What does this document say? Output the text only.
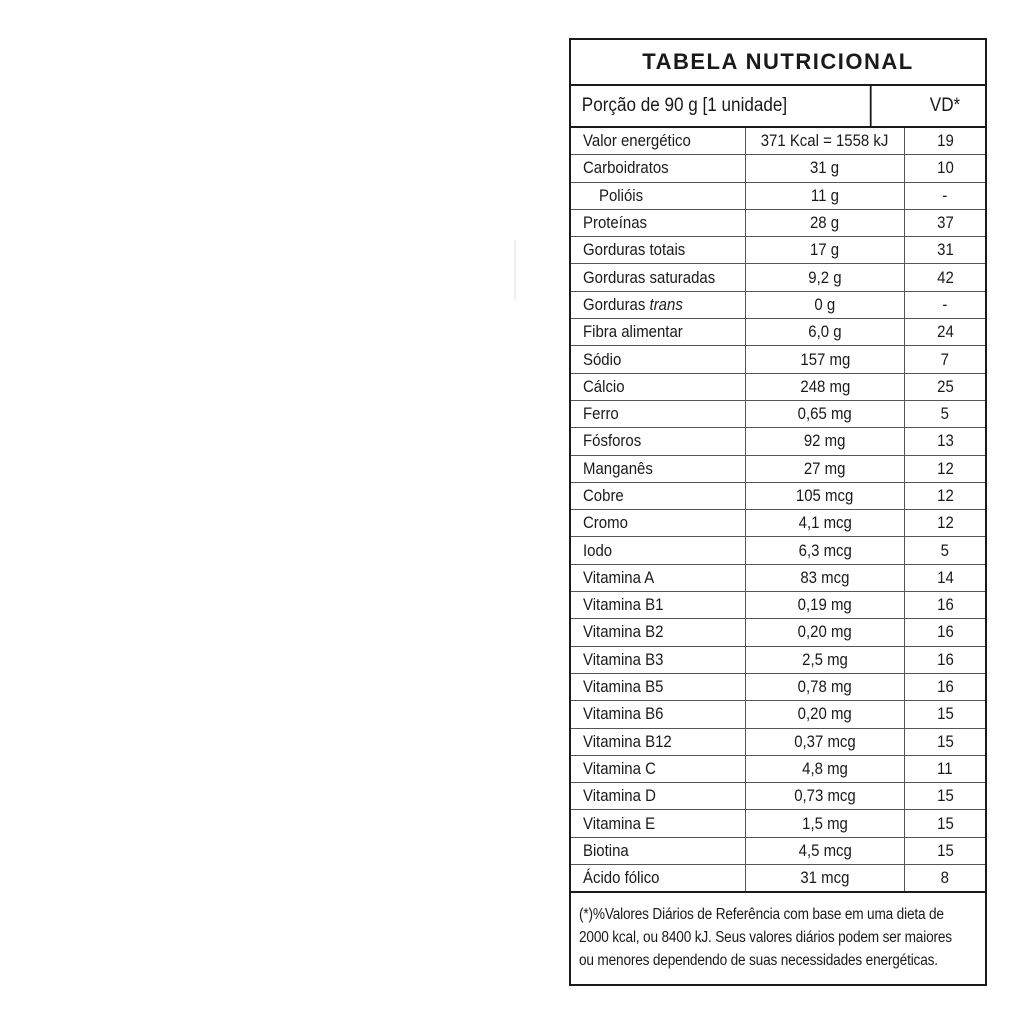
TABELA NUTRICIONAL
Porção de 90 g [1 unidade]	VD*
Valor energético	371 Kcal = 1558 kJ	19
Carboidratos	31 g	10
Polióis	11 g	-
Proteínas	28 g	37
Gorduras totais	17 g	31
Gorduras saturadas	9,2 g	42
Gorduras trans	0 g	-
Fibra alimentar	6,0 g	24
Sódio	157 mg	7
Cálcio	248 mg	25
Ferro	0,65 mg	5
Fósforos	92 mg	13
Manganês	27 mg	12
Cobre	105 mcg	12
Cromo	4,1 mcg	12
Iodo	6,3 mcg	5
Vitamina A	83 mcg	14
Vitamina B1	0,19 mg	16
Vitamina B2	0,20 mg	16
Vitamina B3	2,5 mg	16
Vitamina B5	0,78 mg	16
Vitamina B6	0,20 mg	15
Vitamina B12	0,37 mcg	15
Vitamina C	4,8 mg	11
Vitamina D	0,73 mcg	15
Vitamina E	1,5 mg	15
Biotina	4,5 mcg	15
Ácido fólico	31 mcg	8
(*)%Valores Diários de Referência com base em uma dieta de
2000 kcal, ou 8400 kJ. Seus valores diários podem ser maiores
ou menores dependendo de suas necessidades energéticas.
